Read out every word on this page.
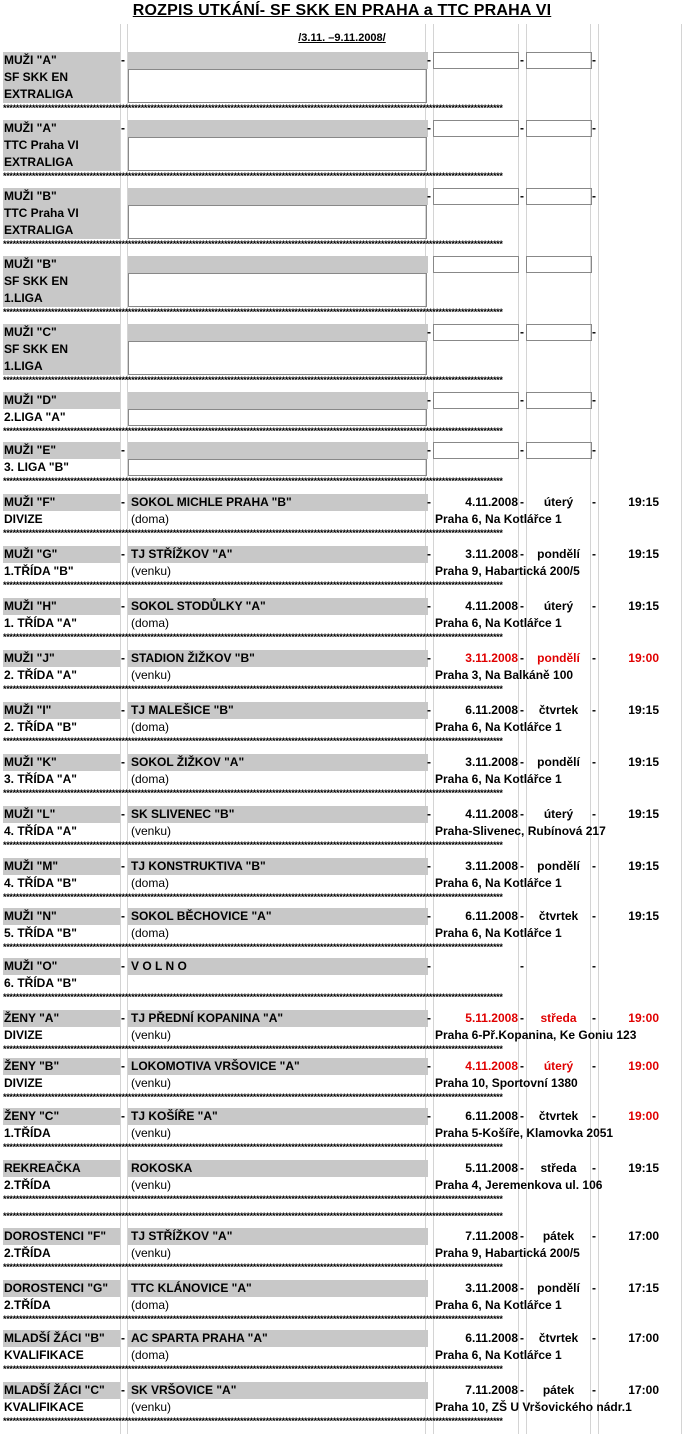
ROZPIS UTKÁNÍ- SF SKK EN PRAHA a TTC PRAHA VI
/3.11. –9.11.2008/
MUŽI "A"
SF SKK EN
EXTRALIGA
-	-	-	-
************************************************************************************************************************************************************
MUŽI "A"
TTC Praha VI
EXTRALIGA
-	-	-	-
************************************************************************************************************************************************************
MUŽI "B"
TTC Praha VI
EXTRALIGA
-	-	-
************************************************************************************************************************************************************
MUŽI "B"
SF SKK EN
1.LIGA
************************************************************************************************************************************************************
MUŽI "C"
SF SKK EN
1.LIGA
-	-	-
************************************************************************************************************************************************************
MUŽI "D"
2.LIGA "A"
-	-	-
************************************************************************************************************************************************************
MUŽI "E"
3. LIGA "B"
-	-	-	-
************************************************************************************************************************************************************
MUŽI "F"
DIVIZE
- SOKOL MICHLE PRAHA "B"	-	4.11.2008 -	úterý	-	19:15
(doma)	Praha 6, Na Kotlářce 1
************************************************************************************************************************************************************
MUŽI "G"
1.TŘÍDA "B"
- TJ STŘÍŽKOV "A"	-	3.11.2008 -	pondělí	-	19:15
(venku)	Praha 9, Habartická 200/5
************************************************************************************************************************************************************
MUŽI "H"
1. TŘÍDA "A"
- SOKOL STODŮLKY "A"	-	4.11.2008 -	úterý	-	19:15
(doma)	Praha 6, Na Kotlářce 1
************************************************************************************************************************************************************
MUŽI "J"
2. TŘÍDA "A"
- STADION ŽIŽKOV "B"	-	3.11.2008 -	pondělí	-	19:00
(venku)	Praha 3, Na Balkáně 100
************************************************************************************************************************************************************
MUŽI "I"
2. TŘÍDA "B"
- TJ MALEŠICE "B"	-	6.11.2008 -	čtvrtek	-	19:15
(doma)	Praha 6, Na Kotlářce 1
************************************************************************************************************************************************************
MUŽI "K"
3. TŘÍDA "A"
- SOKOL ŽIŽKOV "A"	-	3.11.2008 -	pondělí	-	19:15
(doma)	Praha 6, Na Kotlářce 1
************************************************************************************************************************************************************
MUŽI "L"
4. TŘÍDA "A"
- SK SLIVENEC "B"	-	4.11.2008 -	úterý	-	19:15
(venku)	Praha-Slivenec, Rubínová 217
************************************************************************************************************************************************************
MUŽI "M"
4. TŘÍDA "B"
- TJ KONSTRUKTIVA "B"	-	3.11.2008 -	pondělí	-	19:15
(doma)	Praha 6, Na Kotlářce 1
************************************************************************************************************************************************************
MUŽI "N"
5. TŘÍDA "B"
- SOKOL BĚCHOVICE "A"	-	6.11.2008 -	čtvrtek	-	19:15
(doma)	Praha 6, Na Kotlářce 1
************************************************************************************************************************************************************
MUŽI "O"
6. TŘÍDA "B"
- V O L N O	-	-	-
************************************************************************************************************************************************************
ŽENY "A"
DIVIZE
- TJ PŘEDNÍ KOPANINA "A"	-	5.11.2008 -	středa	-	19:00
(venku)	Praha 6-Př.Kopanina, Ke Goniu 123
************************************************************************************************************************************************************
ŽENY "B"
DIVIZE
- LOKOMOTIVA VRŠOVICE "A"	-	4.11.2008 -	úterý	-	19:00
(venku)	Praha 10, Sportovní 1380
************************************************************************************************************************************************************
ŽENY "C"
1.TŘÍDA
- TJ KOŠÍŘE "A"	-	6.11.2008 -	čtvrtek	-	19:00
(venku)	Praha 5-Košíře, Klamovka 2051
************************************************************************************************************************************************************
REKREAČKA
2.TŘÍDA
ROKOSKA	5.11.2008 -	středa	-	19:15
(venku)	Praha 4, Jeremenkova ul. 106
************************************************************************************************************************************************************
DOROSTENCI "F"
2.TŘÍDA
TJ STŘÍŽKOV "A"	7.11.2008 -	pátek	-	17:00
(venku)	Praha 9, Habartická 200/5
************************************************************************************************************************************************************
DOROSTENCI "G"
2.TŘÍDA
TTC KLÁNOVICE "A"	3.11.2008 -	pondělí	-	17:15
(doma)	Praha 6, Na Kotlářce 1
************************************************************************************************************************************************************
MLADŠÍ ŽÁCI "B"
KVALIFIKACE
- AC SPARTA PRAHA "A"	6.11.2008 -	čtvrtek	-	17:00
(doma)	Praha 6, Na Kotlářce 1
************************************************************************************************************************************************************
MLADŠÍ ŽÁCI "C"
KVALIFIKACE
- SK VRŠOVICE "A"	7.11.2008 -	pátek	-	17:00
(venku)	Praha 10, ZŠ U Vršovického nádr.1
************************************************************************************************************************************************************
************************************************************************************************************************************************************
